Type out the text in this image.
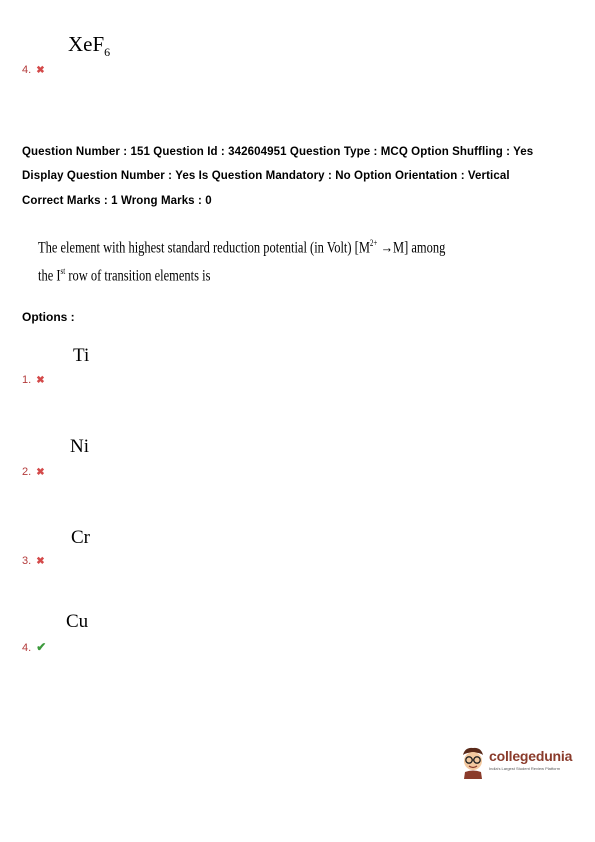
XeF$_6$
4. ✖
Question Number : 151 Question Id : 342604951 Question Type : MCQ Option Shuffling : Yes
Display Question Number : Yes Is Question Mandatory : No Option Orientation : Vertical
Correct Marks : 1 Wrong Marks : 0
The element with highest standard reduction potential (in Volt) $[M^{2+} \to M]$ among
the Ist row of transition elements is
Options :
Ti
1. ✖
Ni
2. ✖
Cr
3. ✖
Cu
4. ✔
collegedunia
India's Largest Student Review Platform
